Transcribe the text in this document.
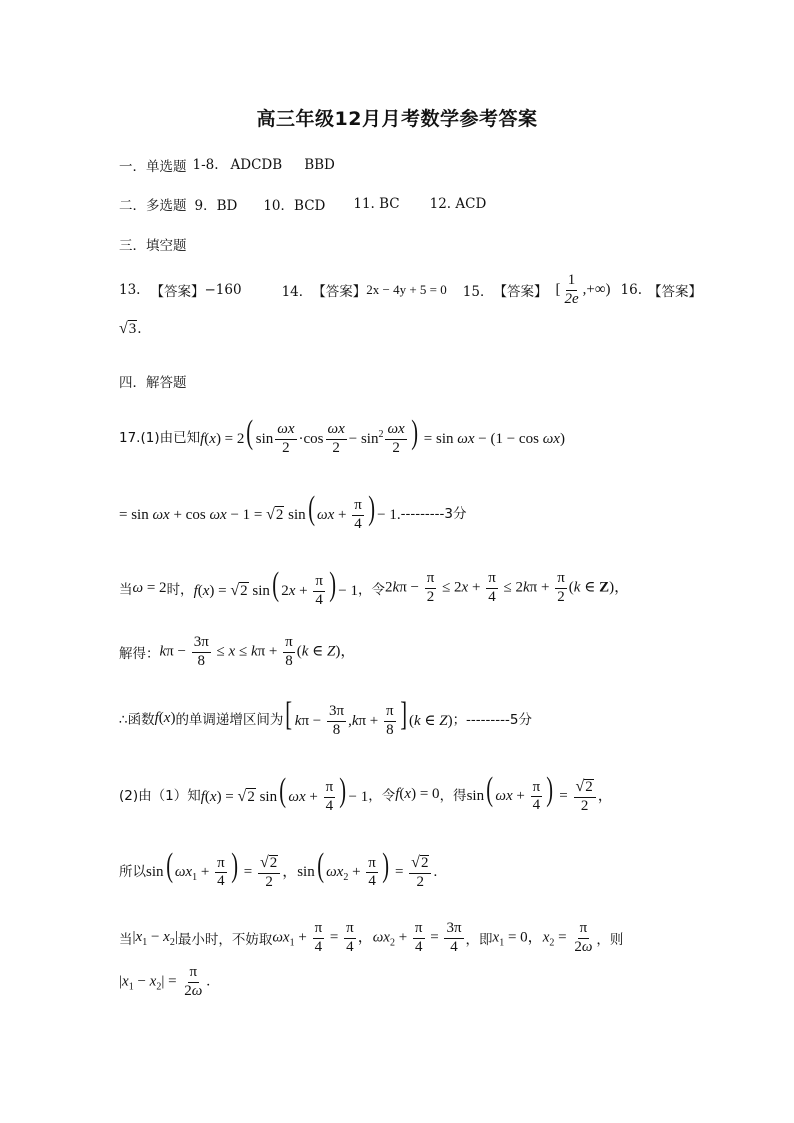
高三年级12月月考数学参考答案
一．单选题 1-8. ADCDB BBD
二．多选题 9．BD 10．BCD 11. BC 12. ACD
三．填空题
13. 【答案】 −160	14． 【答案】 2x − 4y + 5 = 0 15． 【答案】 [ $\frac{1}{2e}$ ,+∞) 16. 【答案】
√ 3 .
四．解答题
17.(1)由已知 f(x) = 2( $\sin \frac{\omega x}{2} \cdot\cos \frac{\omega x}{2} - \sin^2 \frac{\omega x}{2}$ ) = sin ωx − (1 − cos ωx)
= sin ωx + cos ωx − 1 = √ 2 sin( $\omega x + \frac{\pi}{4}$ ) − 1. ---------3分
当 ω = 2 时， f(x) = √ 2 sin( $2x + \frac{\pi}{4}$ ) − 1 ，令 $2k\pi - \frac{\pi}{2} \le 2x + \frac{\pi}{4} \le 2k\pi + \frac{\pi}{2} (k$ ∈ Z)，
解得： $k\pi - \frac{3\pi}{8} \le x \le k\pi + \frac{\pi}{8} (k$ ∈ Z)，
∴函数 f(x) 的单调递增区间为 [ $k\pi - \frac{3\pi}{8} ,k\pi + \frac{\pi}{8}$ ] (k ∈ Z) ；---------5分
(2)由（1）知 f(x) = √ 2 sin( $\omega x + \frac{\pi}{4}$ ) − 1 ，令 f(x) = 0 ，得 sin( $\omega x + \frac{\pi}{4}$ ) = $\frac{√ 2}{2}$ ，
所以 sin( $\omega x_1 + \frac{\pi}{4}$ ) = $\frac{√ 2}{2}$ ，sin( $\omega x_2 + \frac{\pi}{4}$ ) = $\frac{√ 2}{2}$ .
当 $|x_1 - x_2|$ 最小时，不妨取 $\omega x_1 + \frac{\pi}{4} = \frac{\pi}{4}$ ，$\omega x_2 + \frac{\pi}{4} = \frac{3\pi}{4}$ ，即 $x_1 = 0$，$x_2 = \frac{\pi}{2\omega}$ ，则
$|x_1 - x_2| = \frac{\pi}{2\omega}$ .
